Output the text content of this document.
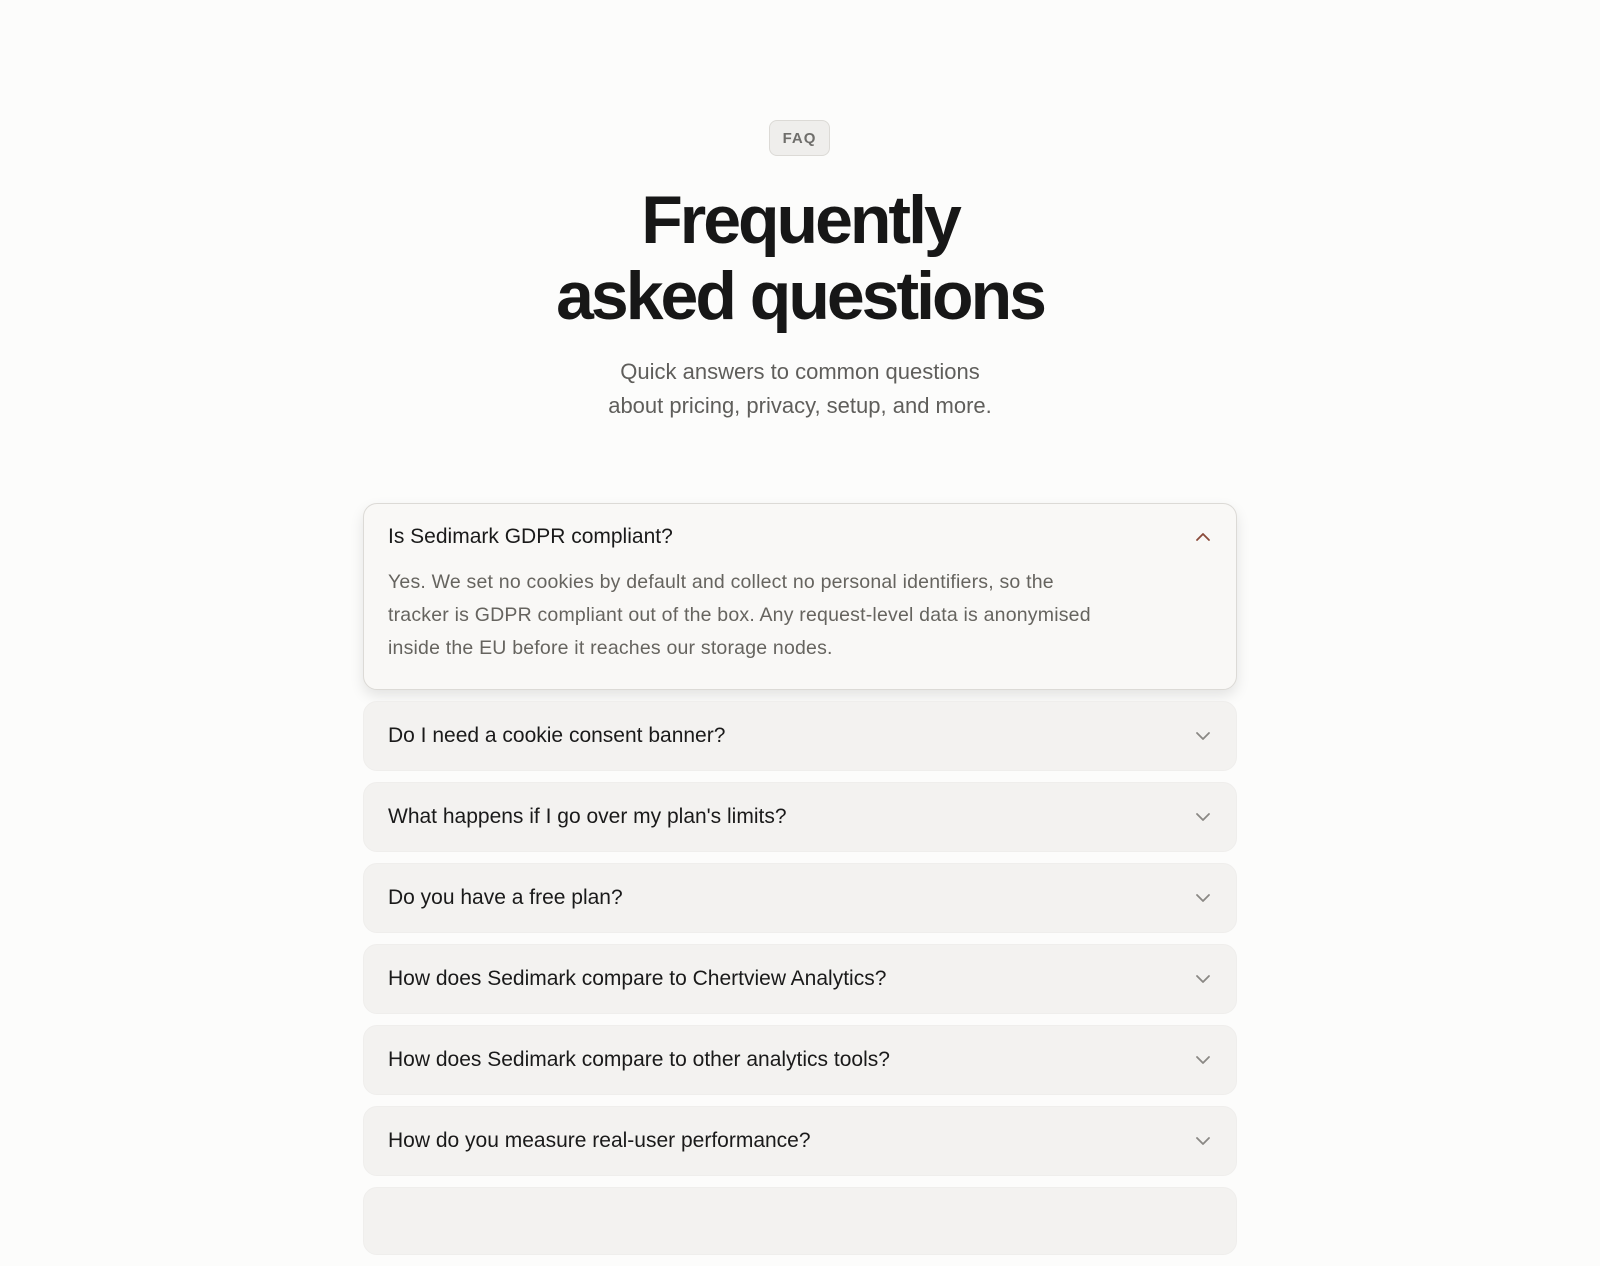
FAQ
Frequently
asked questions

Quick answers to common questions
about pricing, privacy, setup, and more.

Is Sedimark GDPR compliant?
Yes. We set no cookies by default and collect no personal identifiers, so the tracker is GDPR compliant out of the box. Any request-level data is anonymised inside the EU before it reaches our storage nodes.
Do I need a cookie consent banner?
What happens if I go over my plan's limits?
Do you have a free plan?
How does Sedimark compare to Chertview Analytics?
How does Sedimark compare to other analytics tools?
How do you measure real-user performance?
